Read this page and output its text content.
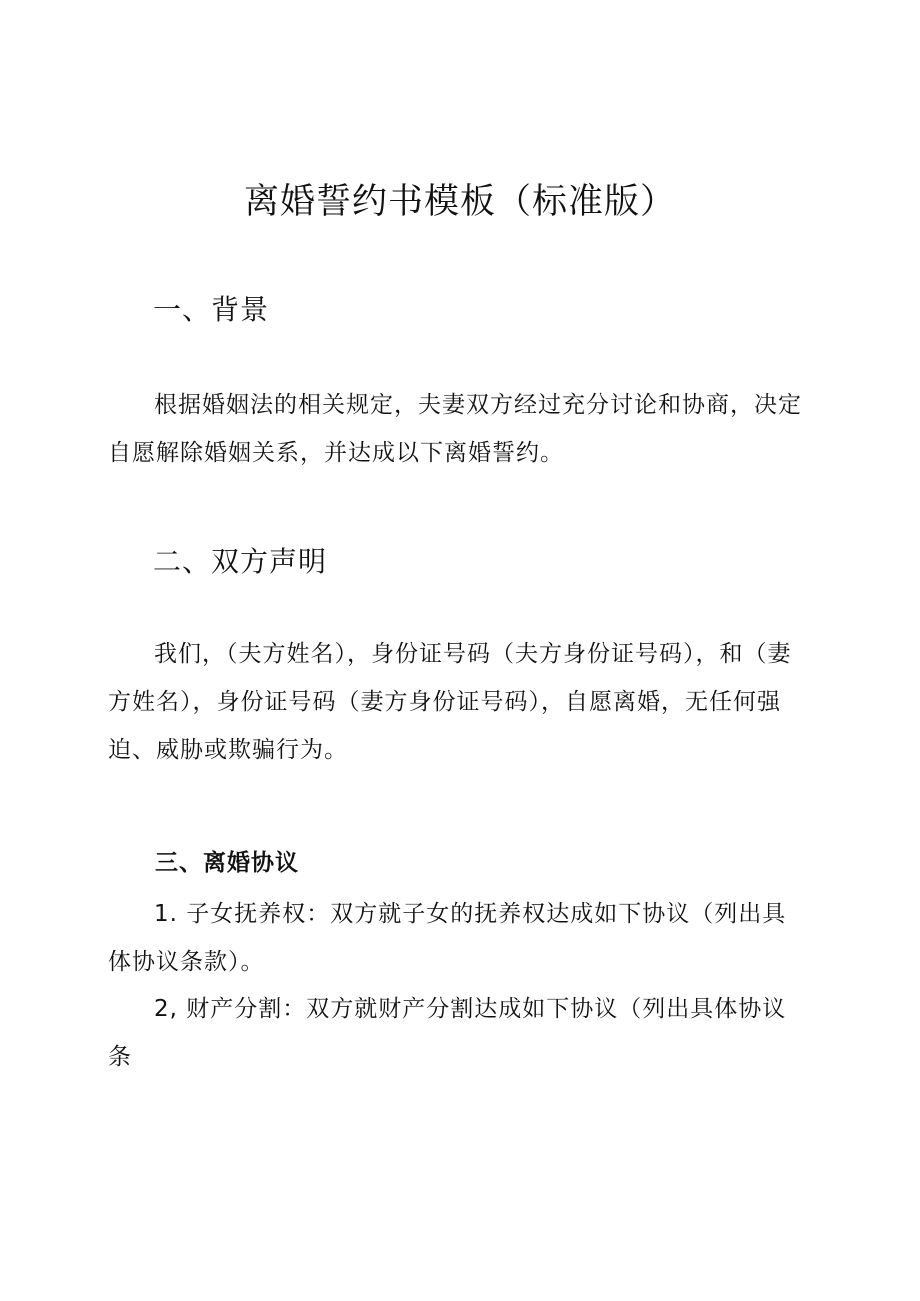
离婚誓约书模板（标准版）
一、背景

根据婚姻法的相关规定，夫妻双方经过充分讨论和协商，决定自愿解除婚姻关系，并达成以下离婚誓约。

二、双方声明

我们，（夫方姓名），身份证号码（夫方身份证号码），和（妻方姓名），身份证号码（妻方身份证号码），自愿离婚，无任何强迫、威胁或欺骗行为。

三、离婚协议

1. 子女抚养权：双方就子女的抚养权达成如下协议（列出具体协议条款）。

2, 财产分割：双方就财产分割达成如下协议（列出具体协议条
